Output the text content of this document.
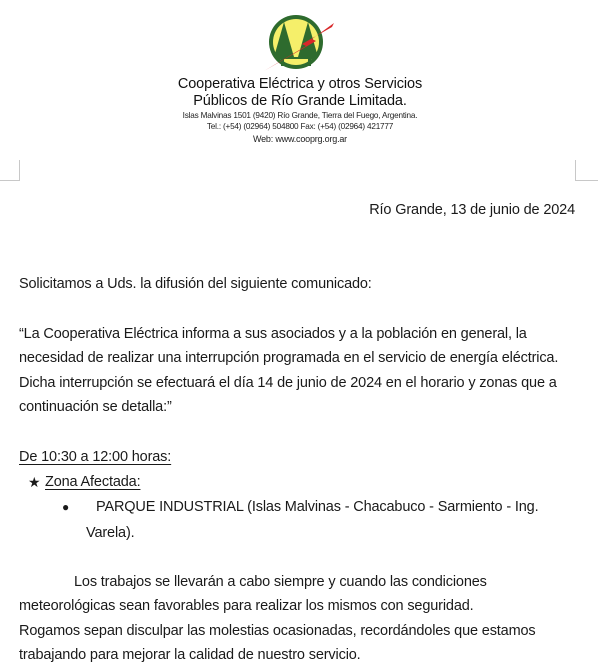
Cooperativa Eléctrica y otros Servicios
Públicos de Río Grande Limitada.
Islas Malvinas 1501 (9420) Río Grande, Tierra del Fuego, Argentina.
Tel.: (+54) (02964) 504800 Fax: (+54) (02964) 421777
Web: www.cooprg.org.ar
Río Grande, 13 de junio de 2024
Solicitamos a Uds. la difusión del siguiente comunicado:
“La Cooperativa Eléctrica informa a sus asociados y a la población en general, la
necesidad de realizar una interrupción programada en el servicio de energía eléctrica.
Dicha interrupción se efectuará el día 14 de junio de 2024 en el horario y zonas que a
continuación se detalla:”
De 10:30 a 12:00 horas:
★ Zona Afectada:
● PARQUE INDUSTRIAL (Islas Malvinas - Chacabuco - Sarmiento - Ing.
Varela).
Los trabajos se llevarán a cabo siempre y cuando las condiciones
meteorológicas sean favorables para realizar los mismos con seguridad.
Rogamos sepan disculpar las molestias ocasionadas, recordándoles que estamos
trabajando para mejorar la calidad de nuestro servicio.
